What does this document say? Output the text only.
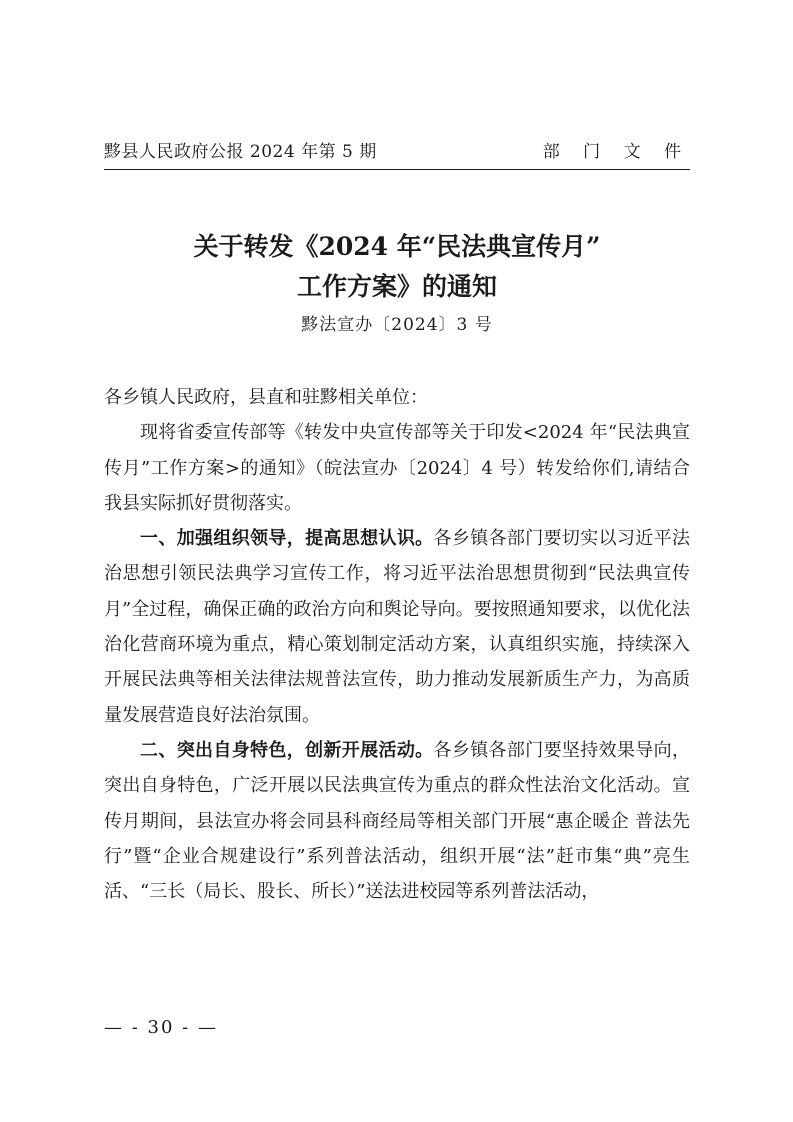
黟县人民政府公报 2024 年第 5 期	部 门 文 件
关于转发《2024 年“民法典宣传月”
工作方案》的通知
黟法宣办〔2024〕3 号

各乡镇人民政府，县直和驻黟相关单位：

现将省委宣传部等《转发中央宣传部等关于印发<2024 年“民法典宣传月”工作方案>的通知》（皖法宣办〔2024〕4 号）转发给你们,请结合我县实际抓好贯彻落实。

一、加强组织领导，提高思想认识。各乡镇各部门要切实以习近平法治思想引领民法典学习宣传工作，将习近平法治思想贯彻到“民法典宣传月”全过程，确保正确的政治方向和舆论导向。要按照通知要求，以优化法治化营商环境为重点，精心策划制定活动方案，认真组织实施，持续深入开展民法典等相关法律法规普法宣传，助力推动发展新质生产力，为高质量发展营造良好法治氛围。

二、突出自身特色，创新开展活动。各乡镇各部门要坚持效果导向，突出自身特色，广泛开展以民法典宣传为重点的群众性法治文化活动。宣传月期间，县法宣办将会同县科商经局等相关部门开展“惠企暖企 普法先行”暨“企业合规建设行”系列普法活动，组织开展“法”赶市集“典”亮生活、“三长（局长、股长、所长）”送法进校园等系列普法活动，

— - 30 - —
